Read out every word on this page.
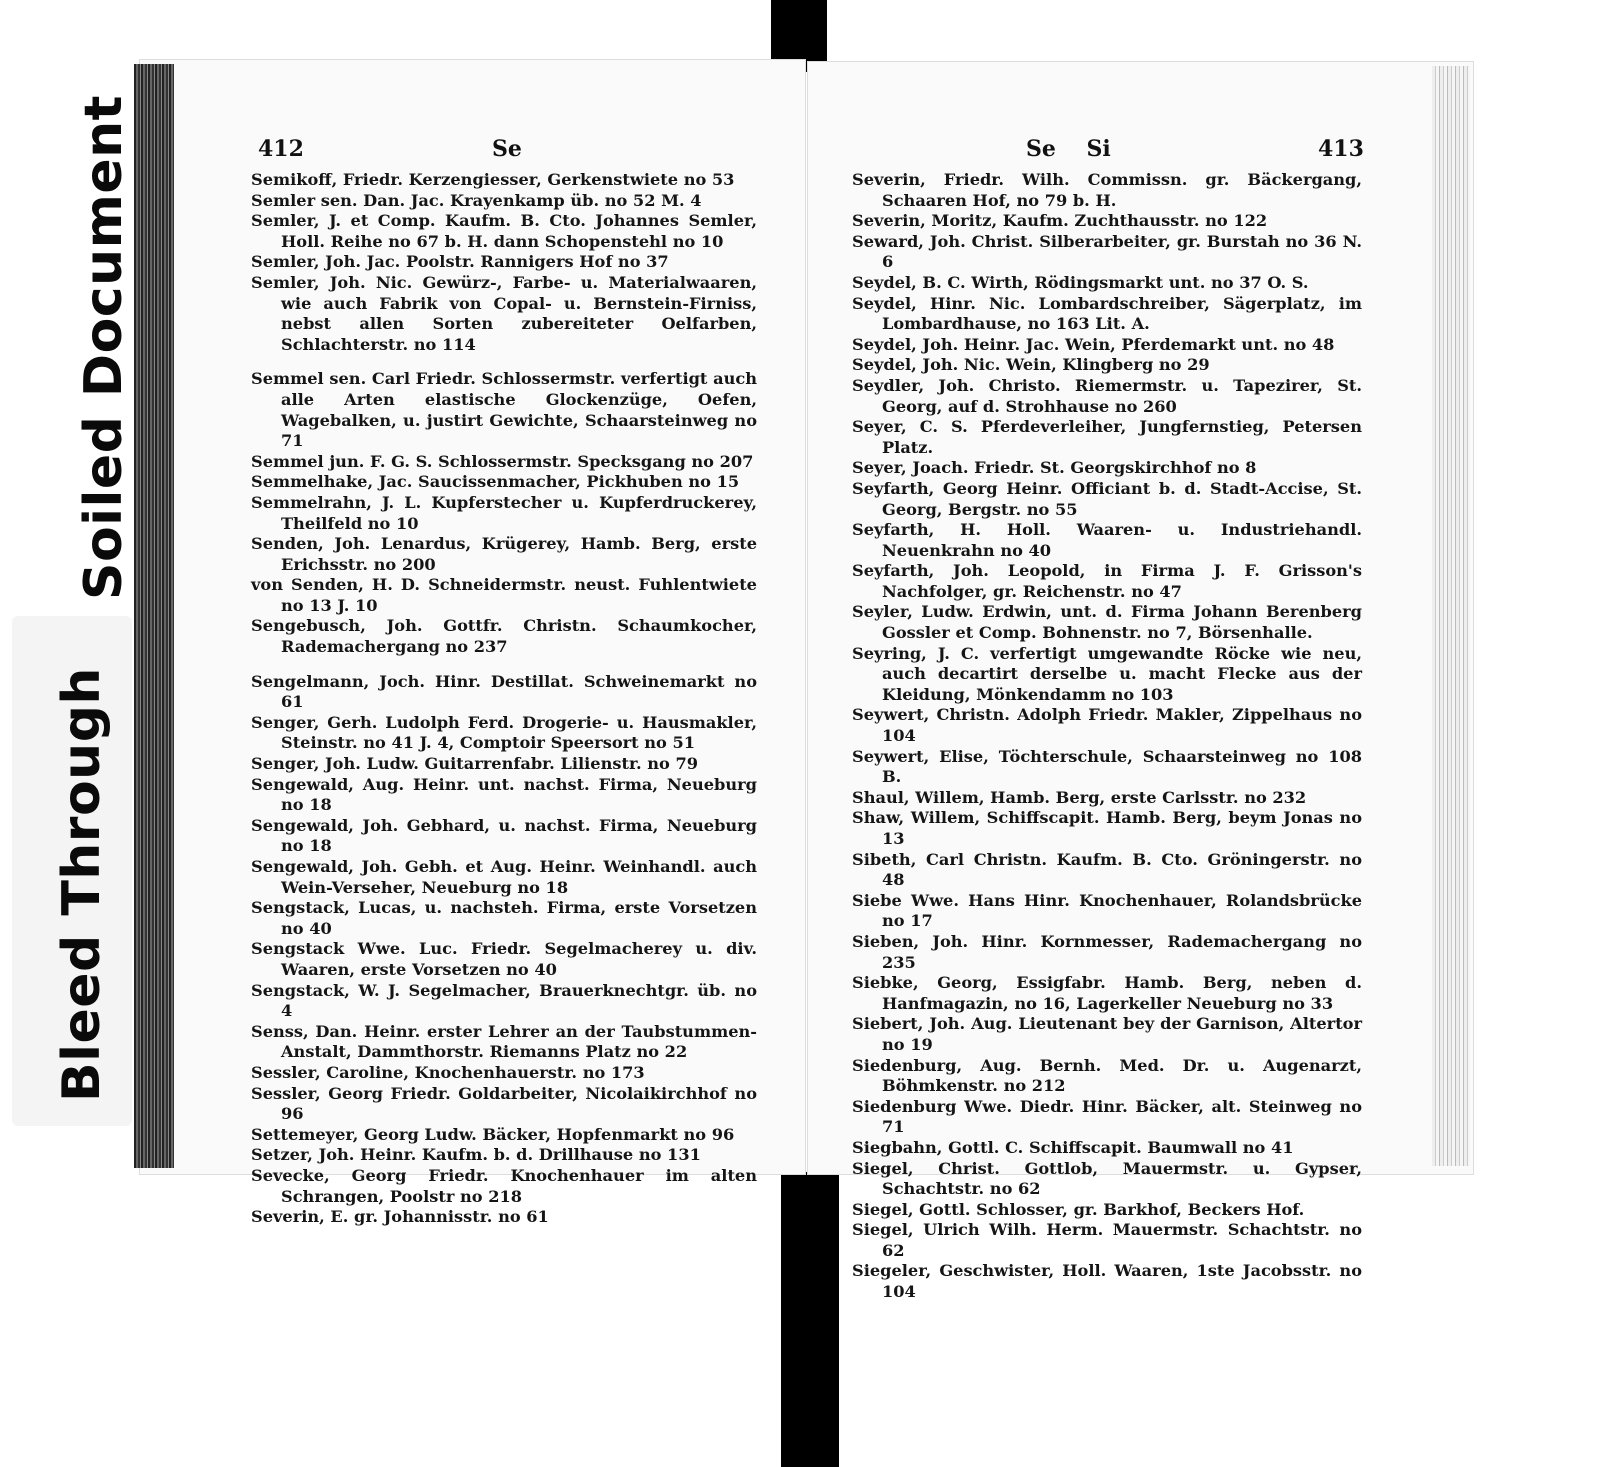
Soiled Document
Bleed Through
412	Se	Se    Si	413

Semikoff, Friedr. Kerzengiesser, Gerkenstwiete no 53

Semler sen. Dan. Jac. Krayenkamp üb. no 52 M. 4

Semler, J. et Comp. Kaufm. B. Cto. Johannes Semler, Holl. Reihe no 67 b. H. dann Schopenstehl no 10

Semler, Joh. Jac. Poolstr. Rannigers Hof no 37

Semler, Joh. Nic. Gewürz-, Farbe- u. Materialwaaren, wie auch Fabrik von Copal- u. Bernstein-Firniss, nebst allen Sorten zubereiteter Oelfarben, Schlachterstr. no 114

Semmel sen. Carl Friedr. Schlossermstr. verfertigt auch alle Arten elastische Glockenzüge, Oefen, Wagebalken, u. justirt Gewichte, Schaarsteinweg no 71

Semmel jun. F. G. S. Schlossermstr. Specksgang no 207

Semmelhake, Jac. Saucissenmacher, Pickhuben no 15

Semmelrahn, J. L. Kupferstecher u. Kupferdruckerey, Theilfeld no 10

Senden, Joh. Lenardus, Krügerey, Hamb. Berg, erste Erichsstr. no 200

von Senden, H. D. Schneidermstr. neust. Fuhlentwiete no 13 J. 10

Sengebusch, Joh. Gottfr. Christn. Schaumkocher, Rademachergang no 237

Sengelmann, Joch. Hinr. Destillat. Schweinemarkt no 61

Senger, Gerh. Ludolph Ferd. Drogerie- u. Hausmakler, Steinstr. no 41 J. 4, Comptoir Speersort no 51

Senger, Joh. Ludw. Guitarrenfabr. Lilienstr. no 79

Sengewald, Aug. Heinr. unt. nachst. Firma, Neueburg no 18

Sengewald, Joh. Gebhard, u. nachst. Firma, Neueburg no 18

Sengewald, Joh. Gebh. et Aug. Heinr. Weinhandl. auch Wein-Verseher, Neueburg no 18

Sengstack, Lucas, u. nachsteh. Firma, erste Vorsetzen no 40

Sengstack Wwe. Luc. Friedr. Segelmacherey u. div. Waaren, erste Vorsetzen no 40

Sengstack, W. J. Segelmacher, Brauerknechtgr. üb. no 4

Senss, Dan. Heinr. erster Lehrer an der Taubstummen-Anstalt, Dammthorstr. Riemanns Platz no 22

Sessler, Caroline, Knochenhauerstr. no 173

Sessler, Georg Friedr. Goldarbeiter, Nicolaikirchhof no 96

Settemeyer, Georg Ludw. Bäcker, Hopfenmarkt no 96

Setzer, Joh. Heinr. Kaufm. b. d. Drillhause no 131

Sevecke, Georg Friedr. Knochenhauer im alten Schrangen, Poolstr no 218

Severin, E. gr. Johannisstr. no 61

Severin, Friedr. Wilh. Commissn. gr. Bäckergang, Schaaren Hof, no 79 b. H.

Severin, Moritz, Kaufm. Zuchthausstr. no 122

Seward, Joh. Christ. Silberarbeiter, gr. Burstah no 36 N. 6

Seydel, B. C. Wirth, Rödingsmarkt unt. no 37 O. S.

Seydel, Hinr. Nic. Lombardschreiber, Sägerplatz, im Lombardhause, no 163 Lit. A.

Seydel, Joh. Heinr. Jac. Wein, Pferdemarkt unt. no 48

Seydel, Joh. Nic. Wein, Klingberg no 29

Seydler, Joh. Christo. Riemermstr. u. Tapezirer, St. Georg, auf d. Strohhause no 260

Seyer, C. S. Pferdeverleiher, Jungfernstieg, Petersen Platz.

Seyer, Joach. Friedr. St. Georgskirchhof no 8

Seyfarth, Georg Heinr. Officiant b. d. Stadt-Accise, St. Georg, Bergstr. no 55

Seyfarth, H. Holl. Waaren- u. Industriehandl. Neuenkrahn no 40

Seyfarth, Joh. Leopold, in Firma J. F. Grisson's Nachfolger, gr. Reichenstr. no 47

Seyler, Ludw. Erdwin, unt. d. Firma Johann Berenberg Gossler et Comp. Bohnenstr. no 7, Börsenhalle.

Seyring, J. C. verfertigt umgewandte Röcke wie neu, auch decartirt derselbe u. macht Flecke aus der Kleidung, Mönkendamm no 103

Seywert, Christn. Adolph Friedr. Makler, Zippelhaus no 104

Seywert, Elise, Töchterschule, Schaarsteinweg no 108 B.

Shaul, Willem, Hamb. Berg, erste Carlsstr. no 232

Shaw, Willem, Schiffscapit. Hamb. Berg, beym Jonas no 13

Sibeth, Carl Christn. Kaufm. B. Cto. Gröningerstr. no 48

Siebe Wwe. Hans Hinr. Knochenhauer, Rolandsbrücke no 17

Sieben, Joh. Hinr. Kornmesser, Rademachergang no 235

Siebke, Georg, Essigfabr. Hamb. Berg, neben d. Hanfmagazin, no 16, Lagerkeller Neueburg no 33

Siebert, Joh. Aug. Lieutenant bey der Garnison, Altertor no 19

Siedenburg, Aug. Bernh. Med. Dr. u. Augenarzt, Böhmkenstr. no 212

Siedenburg Wwe. Diedr. Hinr. Bäcker, alt. Steinweg no 71

Siegbahn, Gottl. C. Schiffscapit. Baumwall no 41

Siegel, Christ. Gottlob, Mauermstr. u. Gypser, Schachtstr. no 62

Siegel, Gottl. Schlosser, gr. Barkhof, Beckers Hof.

Siegel, Ulrich Wilh. Herm. Mauermstr. Schachtstr. no 62

Siegeler, Geschwister, Holl. Waaren, 1ste Jacobsstr. no 104
